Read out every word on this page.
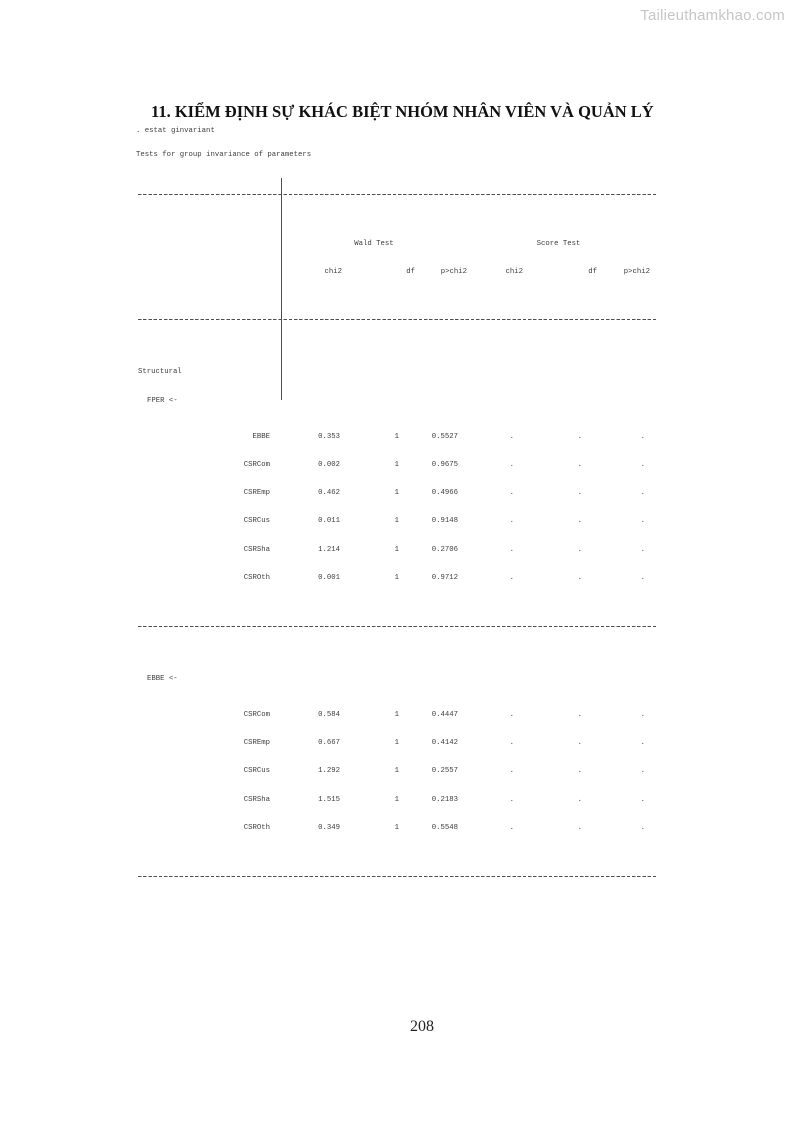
Tailieuthamkhao.com
11. KIỂM ĐỊNH SỰ KHÁC BIỆT NHÓM NHÂN VIÊN VÀ QUẢN LÝ
. estat ginvariant
Tests for group invariance of parameters

Wald Test	Score Test

chi2	df	p>chi2	chi2	df	p>chi2

Structural

FPER <-

EBBE	0.353	1	0.5527	.	.	.

CSRCom	0.002	1	0.9675	.	.	.

CSREmp	0.462	1	0.4966	.	.	.

CSRCus	0.011	1	0.9148	.	.	.

CSRSha	1.214	1	0.2706	.	.	.

CSROth	0.001	1	0.9712	.	.	.

EBBE <-

CSRCom	0.584	1	0.4447	.	.	.

CSREmp	0.667	1	0.4142	.	.	.

CSRCus	1.292	1	0.2557	.	.	.

CSRSha	1.515	1	0.2183	.	.	.

CSROth	0.349	1	0.5548	.	.	.

208
